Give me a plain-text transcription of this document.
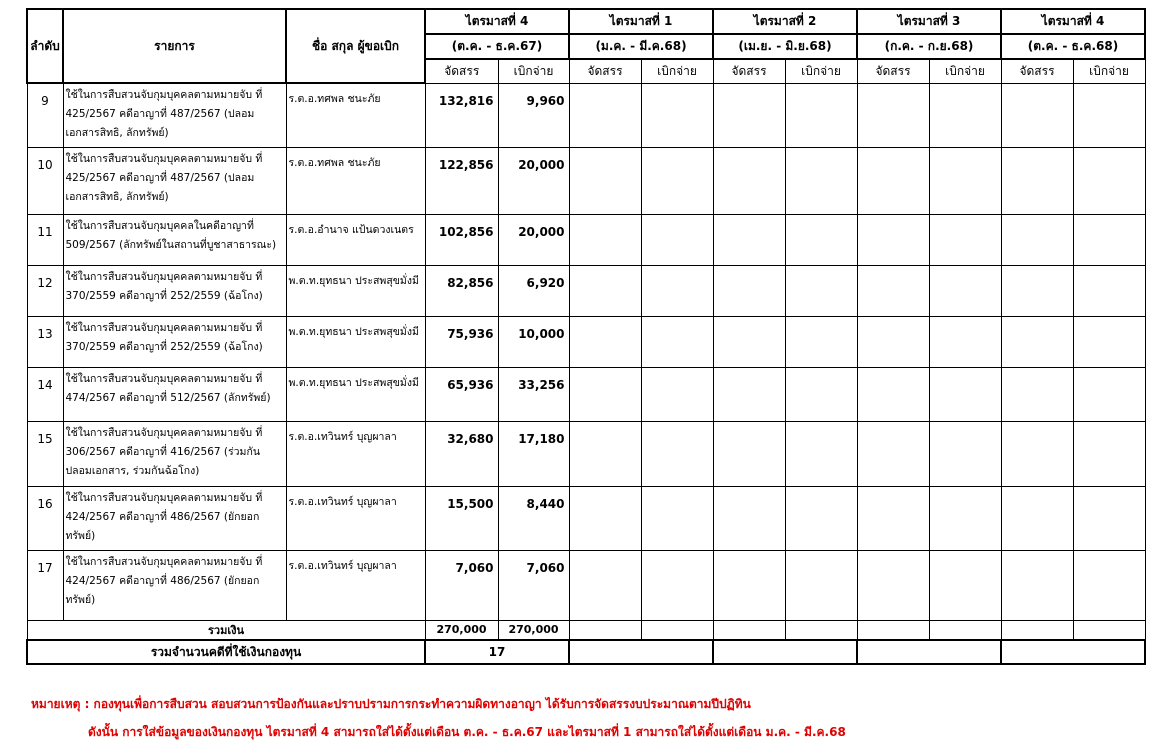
ลำดับ	รายการ	ชื่อ สกุล ผู้ขอเบิก	ไตรมาสที่ 4		ไตรมาสที่ 1		ไตรมาสที่ 2		ไตรมาสที่ 3		ไตรมาสที่ 4	
			(ต.ค. - ธ.ค.67)		(ม.ค. - มี.ค.68)		(เม.ย. - มิ.ย.68)		(ก.ค. - ก.ย.68)		(ต.ค. - ธ.ค.68)	
			จัดสรร	เบิกจ่าย	จัดสรร	เบิกจ่าย	จัดสรร	เบิกจ่าย	จัดสรร	เบิกจ่าย	จัดสรร	เบิกจ่าย
9	ใช้ในการสืบสวนจับกุมบุคคลตามหมายจับ ที่ 425/2567 คดีอาญาที่ 487/2567 (ปลอมเอกสารสิทธิ, ลักทรัพย์)	ร.ต.อ.ทศพล ชนะภัย	132,816	9,960								
10	ใช้ในการสืบสวนจับกุมบุคคลตามหมายจับ ที่ 425/2567 คดีอาญาที่ 487/2567 (ปลอมเอกสารสิทธิ, ลักทรัพย์)	ร.ต.อ.ทศพล ชนะภัย	122,856	20,000								
11	ใช้ในการสืบสวนจับกุมบุคคลในคดีอาญาที่ 509/2567 (ลักทรัพย์ในสถานที่บูชาสาธารณะ)	ร.ต.อ.อำนาจ แป้นดวงเนตร	102,856	20,000								
12	ใช้ในการสืบสวนจับกุมบุคคลตามหมายจับ ที่ 370/2559 คดีอาญาที่ 252/2559 (ฉ้อโกง)	พ.ต.ท.ยุทธนา ประสพสุขมั่งมี	82,856	6,920								
13	ใช้ในการสืบสวนจับกุมบุคคลตามหมายจับ ที่ 370/2559 คดีอาญาที่ 252/2559 (ฉ้อโกง)	พ.ต.ท.ยุทธนา ประสพสุขมั่งมี	75,936	10,000								
14	ใช้ในการสืบสวนจับกุมบุคคลตามหมายจับ ที่ 474/2567 คดีอาญาที่ 512/2567 (ลักทรัพย์)	พ.ต.ท.ยุทธนา ประสพสุขมั่งมี	65,936	33,256								
15	ใช้ในการสืบสวนจับกุมบุคคลตามหมายจับ ที่ 306/2567 คดีอาญาที่ 416/2567 (ร่วมกันปลอมเอกสาร, ร่วมกันฉ้อโกง)	ร.ต.อ.เทวินทร์ บุญผาลา	32,680	17,180								
16	ใช้ในการสืบสวนจับกุมบุคคลตามหมายจับ ที่ 424/2567 คดีอาญาที่ 486/2567 (ยักยอกทรัพย์)	ร.ต.อ.เทวินทร์ บุญผาลา	15,500	8,440								
17	ใช้ในการสืบสวนจับกุมบุคคลตามหมายจับ ที่ 424/2567 คดีอาญาที่ 486/2567 (ยักยอกทรัพย์)	ร.ต.อ.เทวินทร์ บุญผาลา	7,060	7,060								
รวมเงิน			270,000	270,000								
รวมจำนวนคดีที่ใช้เงินกองทุน			17									
หมายเหตุ : กองทุนเพื่อการสืบสวน สอบสวนการป้องกันและปราบปรามการกระทำความผิดทางอาญา ได้รับการจัดสรรงบประมาณตามปีปฏิทิน
ดังนั้น การใส่ข้อมูลของเงินกองทุน ไตรมาสที่ 4 สามารถใส่ได้ตั้งแต่เดือน ต.ค. - ธ.ค.67 และไตรมาสที่ 1 สามารถใส่ได้ตั้งแต่เดือน ม.ค. - มี.ค.68
